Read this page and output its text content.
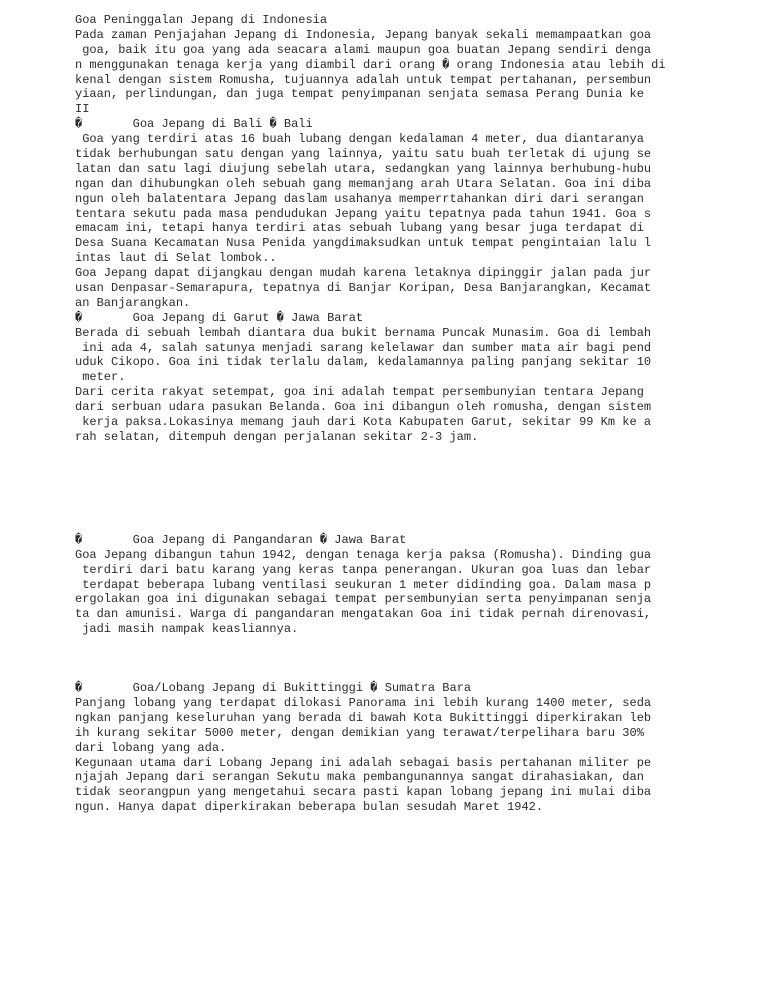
Goa Peninggalan Jepang di Indonesia
Pada zaman Penjajahan Jepang di Indonesia, Jepang banyak sekali memampaatkan goa
goa, baik itu goa yang ada seacara alami maupun goa buatan Jepang sendiri denga
n menggunakan tenaga kerja yang diambil dari orang � orang Indonesia atau lebih di
kenal dengan sistem Romusha, tujuannya adalah untuk tempat pertahanan, persembun
yiaan, perlindungan, dan juga tempat penyimpanan senjata semasa Perang Dunia ke
II
�       Goa Jepang di Bali � Bali
Goa yang terdiri atas 16 buah lubang dengan kedalaman 4 meter, dua diantaranya
tidak berhubungan satu dengan yang lainnya, yaitu satu buah terletak di ujung se
latan dan satu lagi diujung sebelah utara, sedangkan yang lainnya berhubung-hubu
ngan dan dihubungkan oleh sebuah gang memanjang arah Utara Selatan. Goa ini diba
ngun oleh balatentara Jepang daslam usahanya memperrtahankan diri dari serangan
tentara sekutu pada masa pendudukan Jepang yaitu tepatnya pada tahun 1941. Goa s
emacam ini, tetapi hanya terdiri atas sebuah lubang yang besar juga terdapat di
Desa Suana Kecamatan Nusa Penida yangdimaksudkan untuk tempat pengintaian lalu l
intas laut di Selat lombok..
Goa Jepang dapat dijangkau dengan mudah karena letaknya dipinggir jalan pada jur
usan Denpasar-Semarapura, tepatnya di Banjar Koripan, Desa Banjarangkan, Kecamat
an Banjarangkan.
�       Goa Jepang di Garut � Jawa Barat
Berada di sebuah lembah diantara dua bukit bernama Puncak Munasim. Goa di lembah
ini ada 4, salah satunya menjadi sarang kelelawar dan sumber mata air bagi pend
uduk Cikopo. Goa ini tidak terlalu dalam, kedalamannya paling panjang sekitar 10
meter.
Dari cerita rakyat setempat, goa ini adalah tempat persembunyian tentara Jepang
dari serbuan udara pasukan Belanda. Goa ini dibangun oleh romusha, dengan sistem
kerja paksa.Lokasinya memang jauh dari Kota Kabupaten Garut, sekitar 99 Km ke a
rah selatan, ditempuh dengan perjalanan sekitar 2-3 jam.
�       Goa Jepang di Pangandaran � Jawa Barat
Goa Jepang dibangun tahun 1942, dengan tenaga kerja paksa (Romusha). Dinding gua
terdiri dari batu karang yang keras tanpa penerangan. Ukuran goa luas dan lebar
terdapat beberapa lubang ventilasi seukuran 1 meter didinding goa. Dalam masa p
ergolakan goa ini digunakan sebagai tempat persembunyian serta penyimpanan senja
ta dan amunisi. Warga di pangandaran mengatakan Goa ini tidak pernah direnovasi,
jadi masih nampak keasliannya.
�       Goa/Lobang Jepang di Bukittinggi � Sumatra Bara
Panjang lobang yang terdapat dilokasi Panorama ini lebih kurang 1400 meter, seda
ngkan panjang keseluruhan yang berada di bawah Kota Bukittinggi diperkirakan leb
ih kurang sekitar 5000 meter, dengan demikian yang terawat/terpelihara baru 30%
dari lobang yang ada.
Kegunaan utama dari Lobang Jepang ini adalah sebagai basis pertahanan militer pe
njajah Jepang dari serangan Sekutu maka pembangunannya sangat dirahasiakan, dan
tidak seorangpun yang mengetahui secara pasti kapan lobang jepang ini mulai diba
ngun. Hanya dapat diperkirakan beberapa bulan sesudah Maret 1942.
